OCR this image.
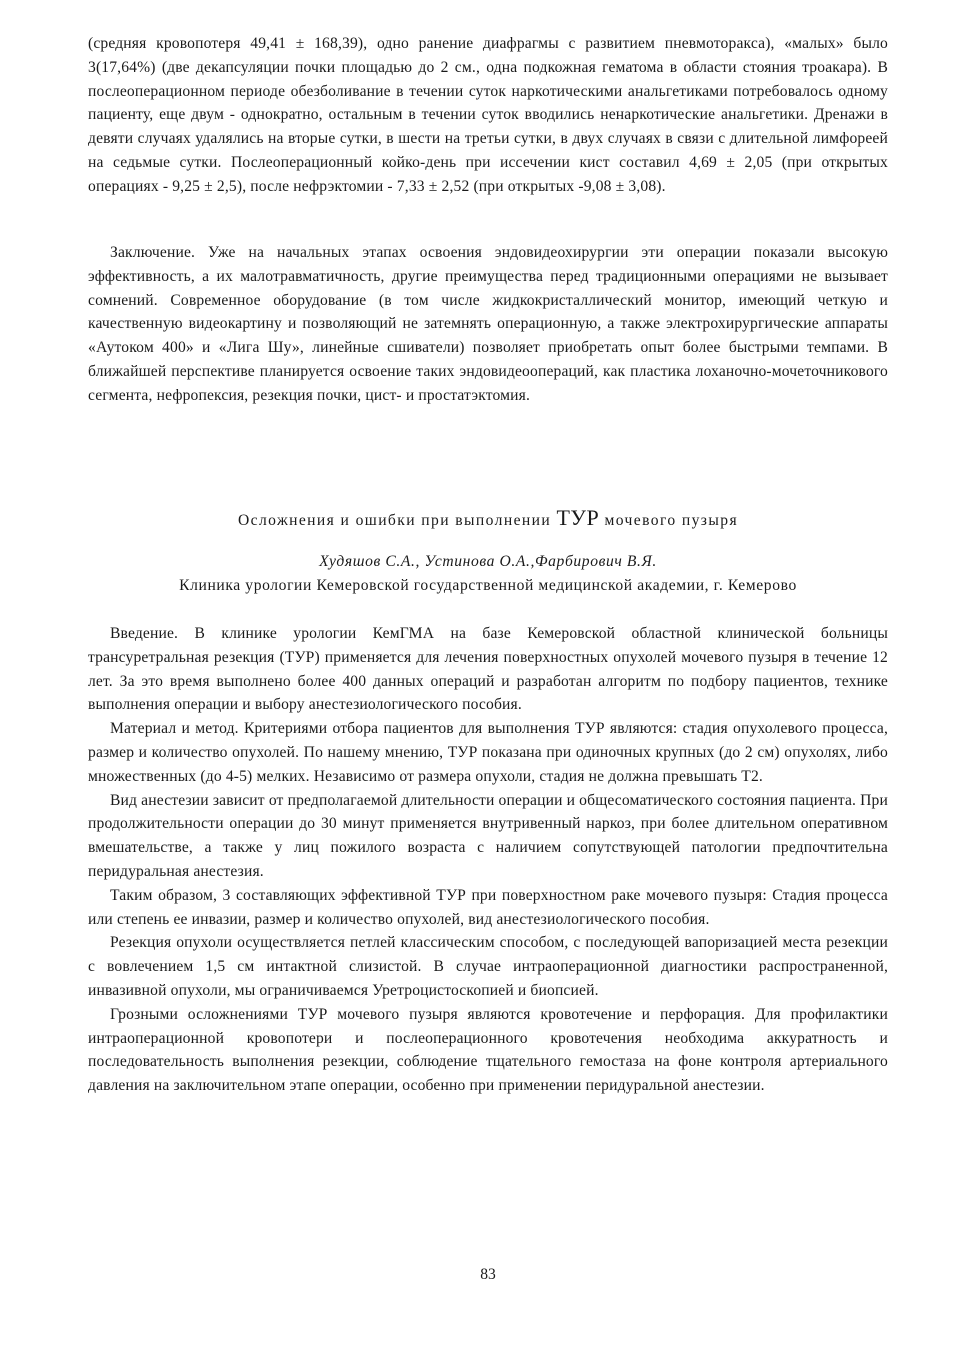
(средняя кровопотеря 49,41 ± 168,39), одно ранение диафрагмы с развитием пневмоторакса), «малых» было 3(17,64%) (две декапсуляции почки площадью до 2 см., одна подкожная гематома в области стояния троакара). В послеоперационном периоде обезболивание в течении суток наркотическими анальгетиками потребовалось одному пациенту, еще двум - однократно, остальным в течении суток вводились ненаркотические анальгетики. Дренажи в девяти случаях удалялись на вторые сутки, в шести на третьи сутки, в двух случаях в связи с длительной лимфореей на седьмые сутки. Послеоперационный койко-день при иссечении кист составил 4,69 ± 2,05 (при открытых операциях - 9,25 ± 2,5), после нефрэктомии - 7,33 ± 2,52 (при открытых -9,08 ± 3,08).

Заключение. Уже на начальных этапах освоения эндовидеохирургии эти операции показали высокую эффективность, а их малотравматичность, другие преимущества перед традиционными операциями не вызывает сомнений. Современное оборудование (в том числе жидкокристаллический монитор, имеющий четкую и качественную видеокартину и позволяющий не затемнять операционную, а также электрохирургические аппараты «Аутоком 400» и «Лига Шу», линейные сшиватели) позволяет приобретать опыт более быстрыми темпами. В ближайшей перспективе планируется освоение таких эндовидеоопераций, как пластика лоханочно-мочеточникового сегмента, нефропексия, резекция почки, цист- и простатэктомия.

Осложнения и ошибки при выполнении ТУР мочевого пузыря
Худяшов С.А., Устинова О.А.,Фарбирович В.Я.
Клиника урологии Кемеровской государственной медицинской академии, г. Кемерово

Введение. В клинике урологии КемГМА на базе Кемеровской областной клинической больницы трансуретральная резекция (ТУР) применяется для лечения поверхностных опухолей мочевого пузыря в течение 12 лет. За это время выполнено более 400 данных операций и разработан алгоритм по подбору пациентов, технике выполнения операции и выбору анестезиологического пособия.

Материал и метод. Критериями отбора пациентов для выполнения ТУР являются: стадия опухолевого процесса, размер и количество опухолей. По нашему мнению, ТУР показана при одиночных крупных (до 2 см) опухолях, либо множественных (до 4-5) мелких. Независимо от размера опухоли, стадия не должна превышать Т2.

Вид анестезии зависит от предполагаемой длительности операции и общесоматического состояния пациента. При продолжительности операции до 30 минут применяется внутривенный наркоз, при более длительном оперативном вмешательстве, а также у лиц пожилого возраста с наличием сопутствующей патологии предпочтительна перидуральная анестезия.

Таким образом, 3 составляющих эффективной ТУР при поверхностном раке мочевого пузыря: Стадия процесса или степень ее инвазии, размер и количество опухолей, вид анестезиологического пособия.

Резекция опухоли осуществляется петлей классическим способом, с последующей вапоризацией места резекции с вовлечением 1,5 см интактной слизистой. В случае интраоперационной диагностики распространенной, инвазивной опухоли, мы ограничиваемся Уретроцистоскопией и биопсией.

Грозными осложнениями ТУР мочевого пузыря являются кровотечение и перфорация. Для профилактики интраоперационной кровопотери и послеоперационного кровотечения необходима аккуратность и последовательность выполнения резекции, соблюдение тщательного гемостаза на фоне контроля артериального давления на заключительном этапе операции, особенно при применении перидуральной анестезии.

83
